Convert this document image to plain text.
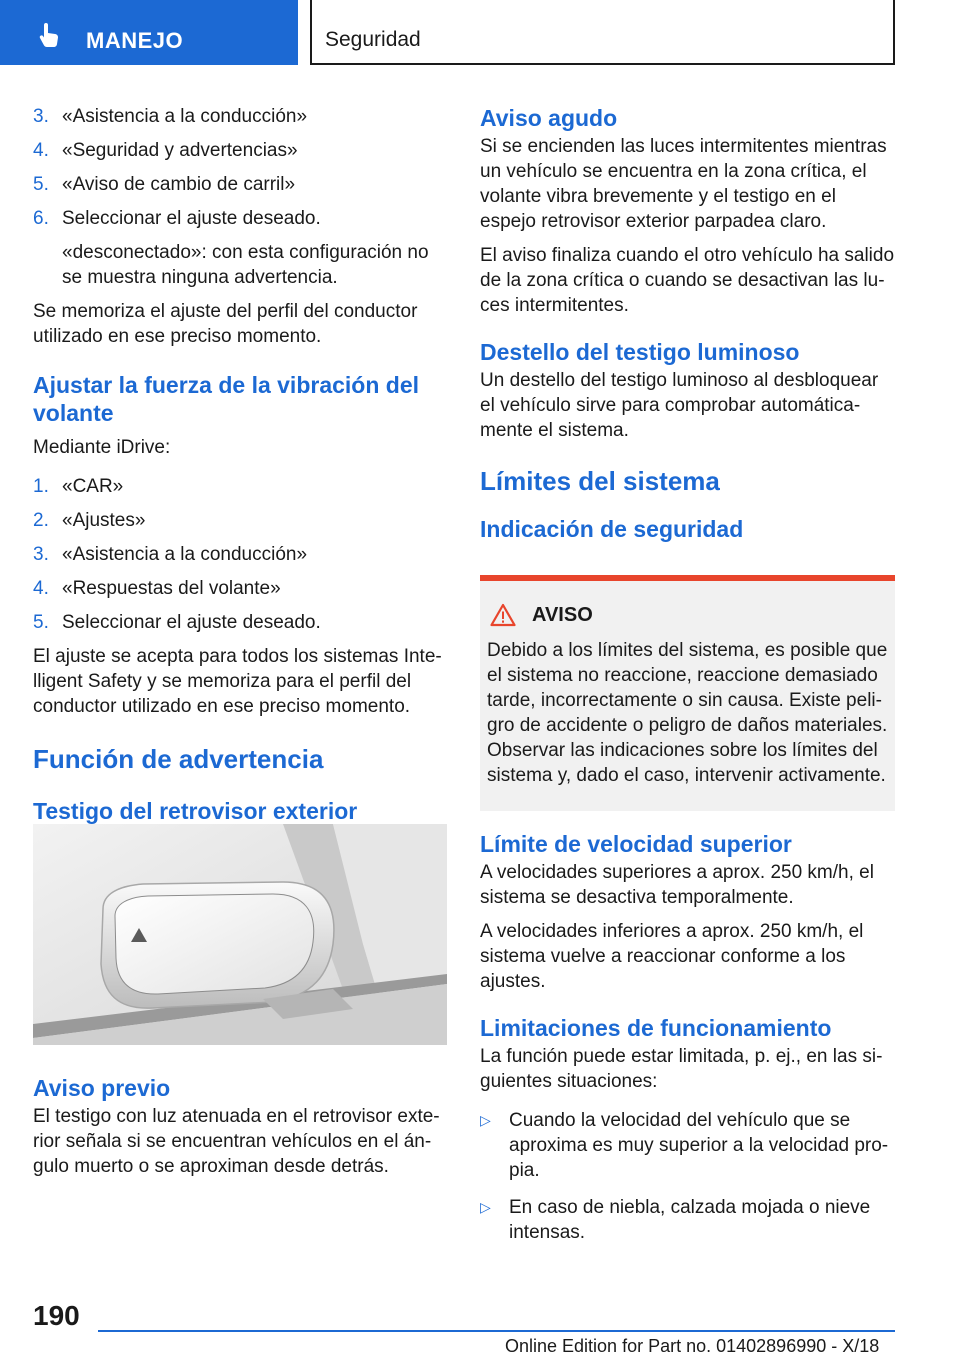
MANEJO	Seguridad
3. «Asistencia a la conducción»
4. «Seguridad y advertencias»
5. «Aviso de cambio de carril»
6. Seleccionar el ajuste deseado.
«desconectado»: con esta configuración no se muestra ninguna advertencia.

Se memoriza el ajuste del perfil del conductor utilizado en ese preciso momento.

Ajustar la fuerza de la vibración del volante

Mediante iDrive:

1. «CAR»
2. «Ajustes»
3. «Asistencia a la conducción»
4. «Respuestas del volante»
5. Seleccionar el ajuste deseado.

El ajuste se acepta para todos los sistemas Intelligent Safety y se memoriza para el perfil del conductor utilizado en ese preciso momento.

Función de advertencia
Testigo del retrovisor exterior
Aviso previo

El testigo con luz atenuada en el retrovisor exterior señala si se encuentran vehículos en el ángulo muerto o se aproximan desde detrás.

Aviso agudo

Si se encienden las luces intermitentes mientras un vehículo se encuentra en la zona crítica, el volante vibra brevemente y el testigo en el espejo retrovisor exterior parpadea claro.

El aviso finaliza cuando el otro vehículo ha salido de la zona crítica o cuando se desactivan las luces intermitentes.

Destello del testigo luminoso

Un destello del testigo luminoso al desbloquear el vehículo sirve para comprobar automáticamente el sistema.

Límites del sistema
Indicación de seguridad
AVISO
Debido a los límites del sistema, es posible que el sistema no reaccione, reaccione demasiado tarde, incorrectamente o sin causa. Existe peligro de accidente o peligro de daños materiales. Observar las indicaciones sobre los límites del sistema y, dado el caso, intervenir activamente.
Límite de velocidad superior

A velocidades superiores a aprox. 250 km/h, el sistema se desactiva temporalmente.

A velocidades inferiores a aprox. 250 km/h, el sistema vuelve a reaccionar conforme a los ajustes.

Limitaciones de funcionamiento

La función puede estar limitada, p. ej., en las siguientes situaciones:

▷ Cuando la velocidad del vehículo que se aproxima es muy superior a la velocidad propia.
▷ En caso de niebla, calzada mojada o nieve intensas.
190
Online Edition for Part no. 01402896990 - X/18
